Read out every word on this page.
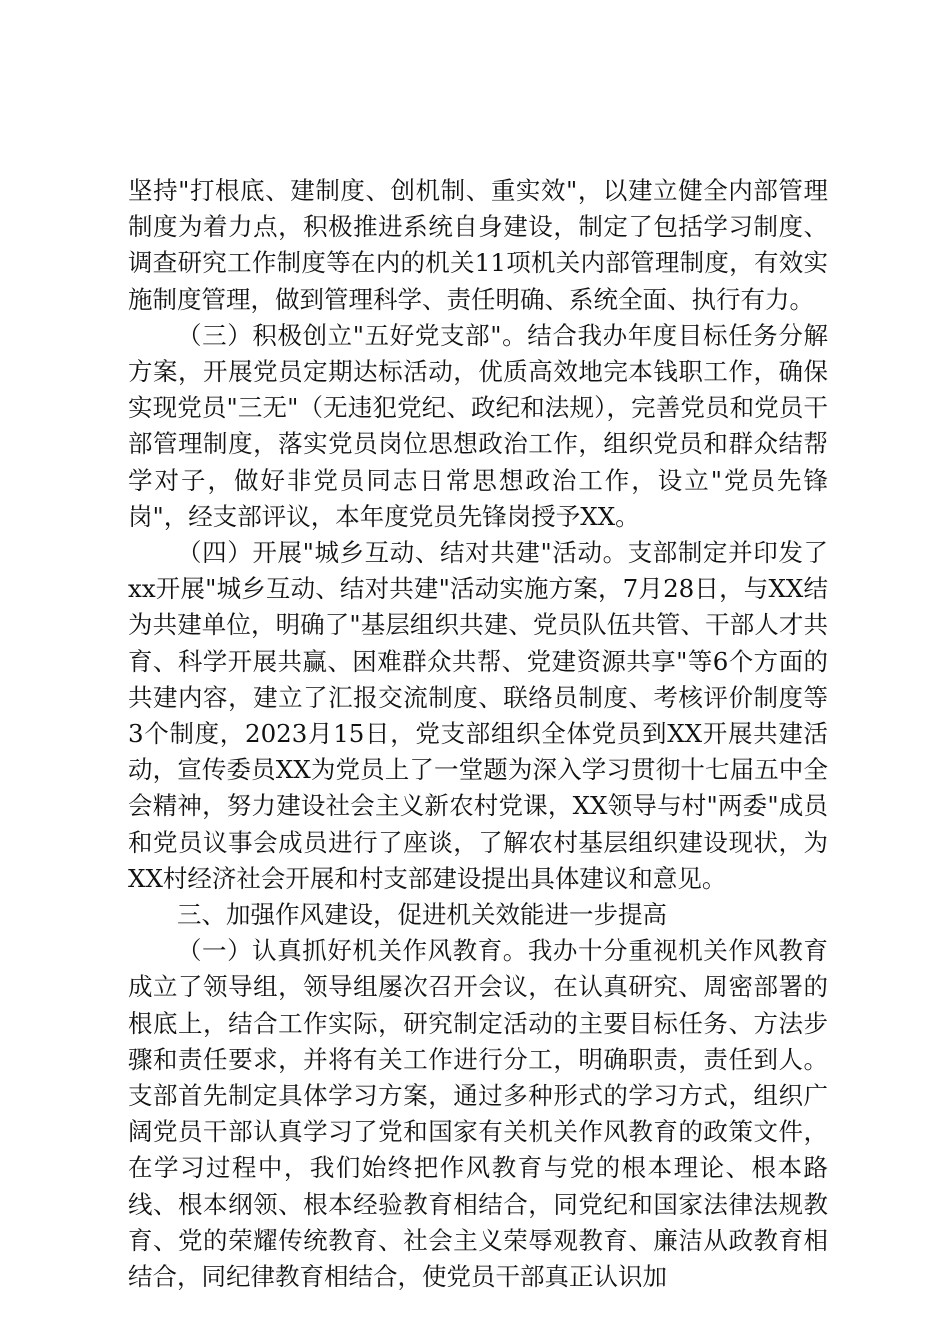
坚持"打根底、建制度、创机制、重实效"，以建立健全内部管理制度为着力点，积极推进系统自身建设，制定了包括学习制度、调查研究工作制度等在内的机关11项机关内部管理制度，有效实施制度管理，做到管理科学、责任明确、系统全面、执行有力。

（三）积极创立"五好党支部"。结合我办年度目标任务分解方案，开展党员定期达标活动，优质高效地完本钱职工作，确保实现党员"三无"（无违犯党纪、政纪和法规），完善党员和党员干部管理制度，落实党员岗位思想政治工作，组织党员和群众结帮学对子，做好非党员同志日常思想政治工作，设立"党员先锋岗"，经支部评议，本年度党员先锋岗授予XX。

（四）开展"城乡互动、结对共建"活动。支部制定并印发了xx开展"城乡互动、结对共建"活动实施方案，7月28日，与XX结为共建单位，明确了"基层组织共建、党员队伍共管、干部人才共育、科学开展共赢、困难群众共帮、党建资源共享"等6个方面的共建内容，建立了汇报交流制度、联络员制度、考核评价制度等3个制度，2023月15日，党支部组织全体党员到XX开展共建活动，宣传委员XX为党员上了一堂题为深入学习贯彻十七届五中全会精神，努力建设社会主义新农村党课，XX领导与村"两委"成员和党员议事会成员进行了座谈，了解农村基层组织建设现状，为XX村经济社会开展和村支部建设提出具体建议和意见。

三、加强作风建设，促进机关效能进一步提高

（一）认真抓好机关作风教育。我办十分重视机关作风教育成立了领导组，领导组屡次召开会议，在认真研究、周密部署的根底上，结合工作实际，研究制定活动的主要目标任务、方法步骤和责任要求，并将有关工作进行分工，明确职责，责任到人。支部首先制定具体学习方案，通过多种形式的学习方式，组织广阔党员干部认真学习了党和国家有关机关作风教育的政策文件，在学习过程中，我们始终把作风教育与党的根本理论、根本路线、根本纲领、根本经验教育相结合，同党纪和国家法律法规教育、党的荣耀传统教育、社会主义荣辱观教育、廉洁从政教育相结合，同纪律教育相结合，使党员干部真正认识加
